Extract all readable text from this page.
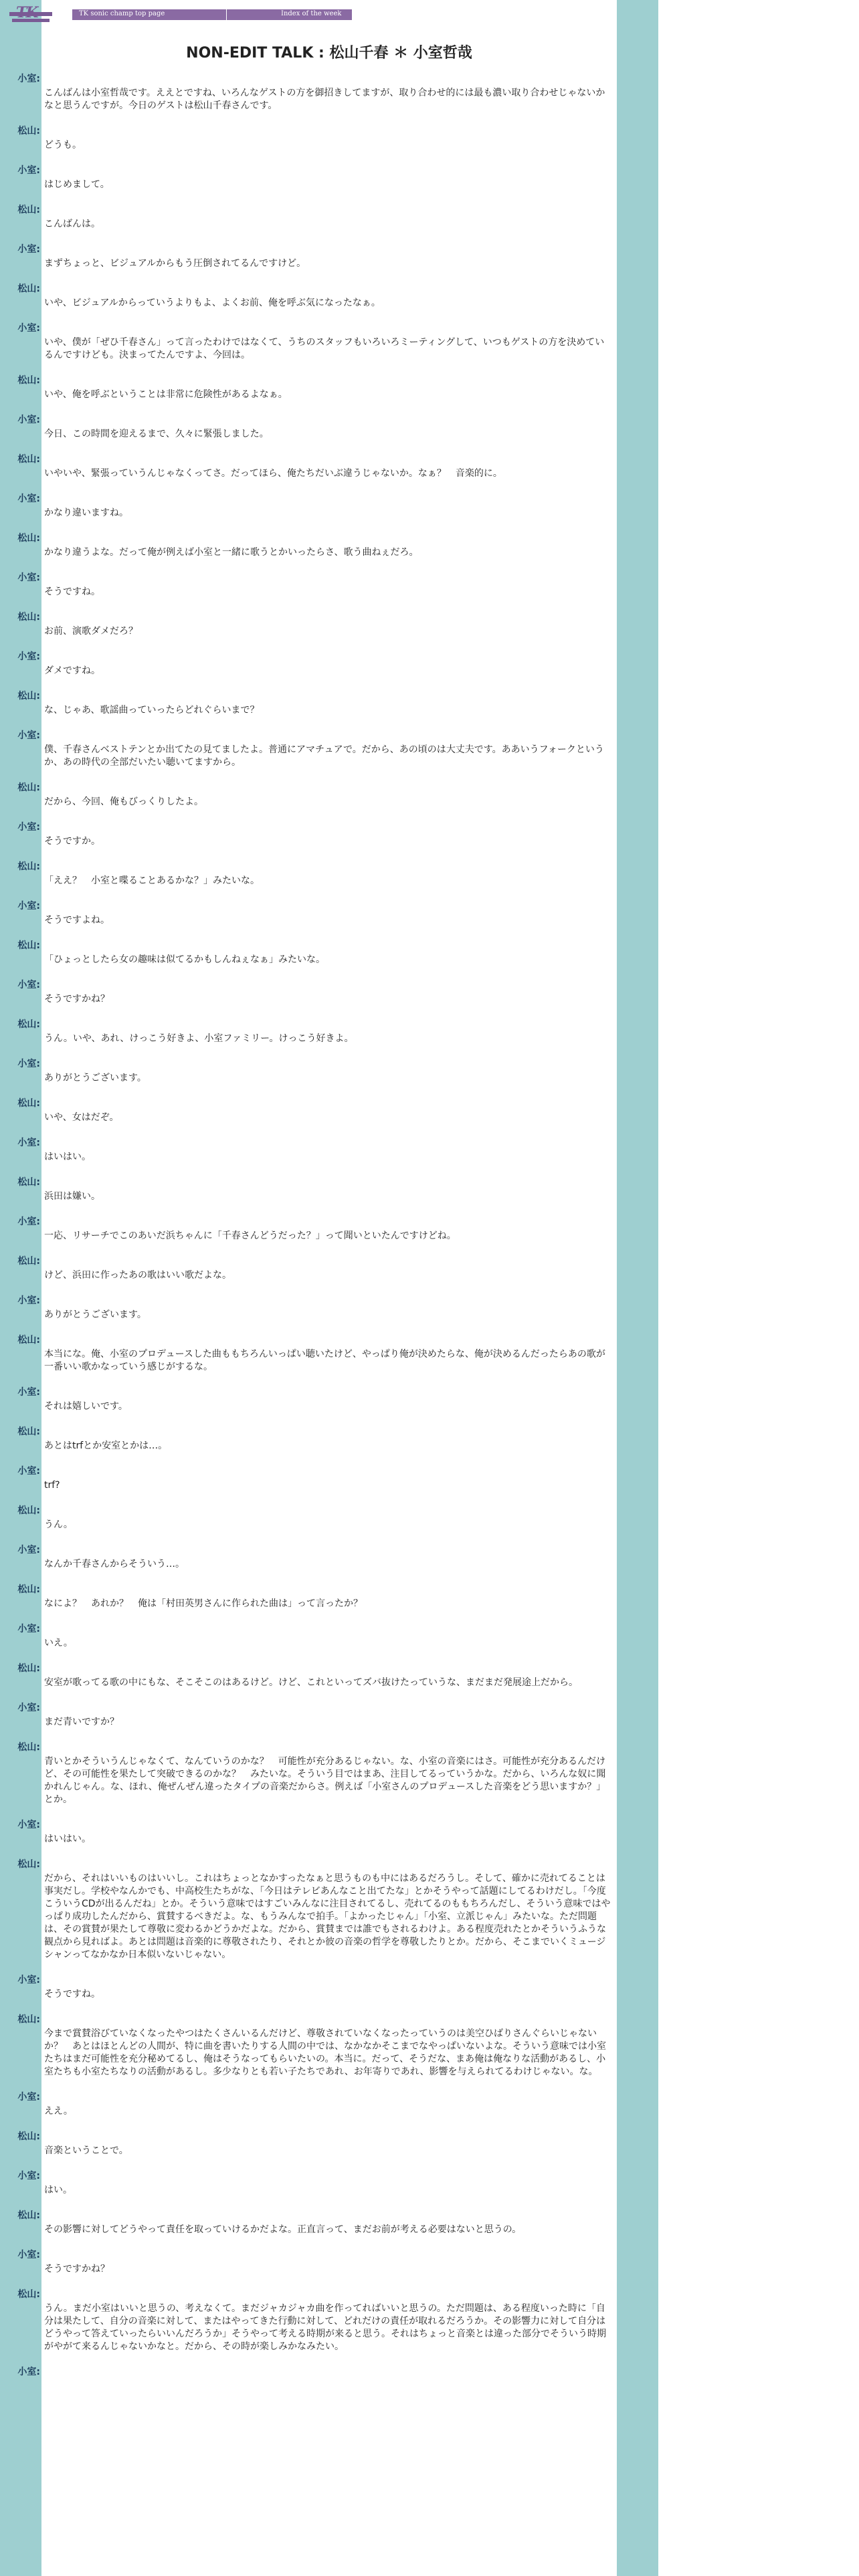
TK	TK sonic champ top page	Index of the week
NON-EDIT TALK : 松山千春 ＊ 小室哲哉
小室:
こんばんは小室哲哉です。ええとですね、いろんなゲストの方を御招きしてますが、取り合わせ的には最も濃い取り合わせじゃないかなと思うんですが。今日のゲストは松山千春さんです。
松山:
どうも。
小室:
はじめまして。
松山:
こんばんは。
小室:
まずちょっと、ビジュアルからもう圧倒されてるんですけど。
松山:
いや、ビジュアルからっていうよりもよ、よくお前、俺を呼ぶ気になったなぁ。
小室:
いや、僕が「ぜひ千春さん」って言ったわけではなくて、うちのスタッフもいろいろミーティングして、いつもゲストの方を決めているんですけども。決まってたんですよ、今回は。
松山:
いや、俺を呼ぶということは非常に危険性があるよなぁ。
小室:
今日、この時間を迎えるまで、久々に緊張しました。
松山:
いやいや、緊張っていうんじゃなくってさ。だってほら、俺たちだいぶ違うじゃないか。なぁ？　音楽的に。
小室:
かなり違いますね。
松山:
かなり違うよな。だって俺が例えば小室と一緒に歌うとかいったらさ、歌う曲ねぇだろ。
小室:
そうですね。
松山:
お前、演歌ダメだろ？
小室:
ダメですね。
松山:
な、じゃあ、歌謡曲っていったらどれぐらいまで？
小室:
僕、千春さんベストテンとか出てたの見てましたよ。普通にアマチュアで。だから、あの頃のは大丈夫です。ああいうフォークというか、あの時代の全部だいたい聴いてますから。
松山:
だから、今回、俺もびっくりしたよ。
小室:
そうですか。
松山:
「ええ？　小室と喋ることあるかな？」みたいな。
小室:
そうですよね。
松山:
「ひょっとしたら女の趣味は似てるかもしんねぇなぁ」みたいな。
小室:
そうですかね？
松山:
うん。いや、あれ、けっこう好きよ、小室ファミリー。けっこう好きよ。
小室:
ありがとうございます。
松山:
いや、女はだぞ。
小室:
はいはい。
松山:
浜田は嫌い。
小室:
一応、リサーチでこのあいだ浜ちゃんに「千春さんどうだった？」って聞いといたんですけどね。
松山:
けど、浜田に作ったあの歌はいい歌だよな。
小室:
ありがとうございます。
松山:
本当にな。俺、小室のプロデュースした曲ももちろんいっぱい聴いたけど、やっぱり俺が決めたらな、俺が決めるんだったらあの歌が一番いい歌かなっていう感じがするな。
小室:
それは嬉しいです。
松山:
あとはtrfとか安室とかは…。
小室:
trf?
松山:
うん。
小室:
なんか千春さんからそういう…。
松山:
なによ？　あれか？　俺は「村田英男さんに作られた曲は」って言ったか？
小室:
いえ。
松山:
安室が歌ってる歌の中にもな、そこそこのはあるけど。けど、これといってズバ抜けたっていうな、まだまだ発展途上だから。
小室:
まだ青いですか？
松山:
青いとかそういうんじゃなくて、なんていうのかな？　可能性が充分あるじゃない。な、小室の音楽にはさ。可能性が充分あるんだけど、その可能性を果たして突破できるのかな？　みたいな。そういう目ではまあ、注目してるっていうかな。だから、いろんな奴に聞かれんじゃん。な、ほれ、俺ぜんぜん違ったタイプの音楽だからさ。例えば「小室さんのプロデュースした音楽をどう思いますか？」とか。
小室:
はいはい。
松山:
だから、それはいいものはいいし。これはちょっとなかすったなぁと思うものも中にはあるだろうし。そして、確かに売れてることは事実だし。学校やなんかでも、中高校生たちがな、「今日はテレビあんなこと出てたな」とかそうやって話題にしてるわけだし。「今度こういうCDが出るんだね」とか。そういう意味ではすごいみんなに注目されてるし、売れてるのももちろんだし、そういう意味ではやっぱり成功したんだから、賞賛するべきだよ。な、もうみんなで拍手。「よかったじゃん」「小室、立派じゃん」みたいな。ただ問題は、その賞賛が果たして尊敬に変わるかどうかだよな。だから、賞賛までは誰でもされるわけよ。ある程度売れたとかそういうふうな観点から見ればよ。あとは問題は音楽的に尊敬されたり、それとか彼の音楽の哲学を尊敬したりとか。だから、そこまでいくミュージシャンってなかなか日本似いないじゃない。
小室:
そうですね。
松山:
今まで賞賛浴びていなくなったやつはたくさんいるんだけど、尊敬されていなくなったっていうのは美空ひばりさんぐらいじゃないか？　あとはほとんどの人間が、特に曲を書いたりする人間の中では、なかなかそこまでなやっぱいないよな。そういう意味では小室たちはまだ可能性を充分秘めてるし、俺はそうなってもらいたいの。本当に。だって、そうだな、まあ俺は俺なりな活動があるし、小室たちも小室たちなりの活動があるし。多少なりとも若い子たちであれ、お年寄りであれ、影響を与えられてるわけじゃない。な。
小室:
ええ。
松山:
音楽ということで。
小室:
はい。
松山:
その影響に対してどうやって責任を取っていけるかだよな。正直言って、まだお前が考える必要はないと思うの。
小室:
そうですかね？
松山:
うん。まだ小室はいいと思うの、考えなくて。まだジャカジャカ曲を作ってればいいと思うの。ただ問題は、ある程度いった時に「自分は果たして、自分の音楽に対して、またはやってきた行動に対して、どれだけの責任が取れるだろうか。その影響力に対して自分はどうやって答えていったらいいんだろうか」そうやって考える時期が来ると思う。それはちょっと音楽とは違った部分でそういう時期がやがて来るんじゃないかなと。だから、その時が楽しみかなみたい。
小室:
